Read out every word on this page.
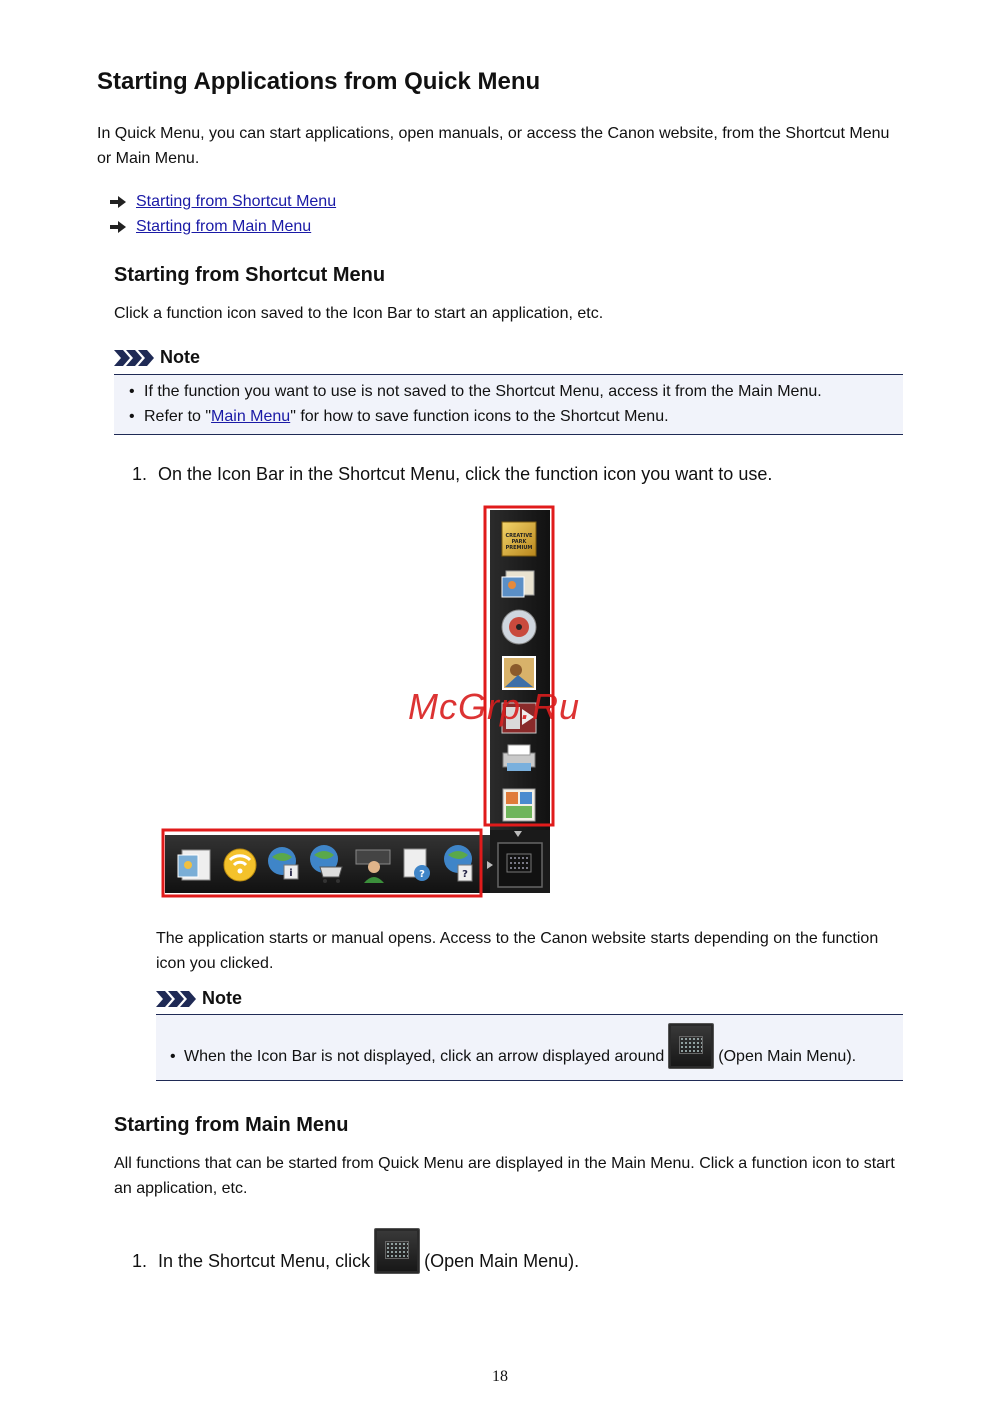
Starting Applications from Quick Menu
In Quick Menu, you can start applications, open manuals, or access the Canon website, from the Shortcut Menu or Main Menu.
Starting from Shortcut Menu
Starting from Main Menu
Starting from Shortcut Menu
Click a function icon saved to the Icon Bar to start an application, etc.
Note
• If the function you want to use is not saved to the Shortcut Menu, access it from the Main Menu.
• Refer to "Main Menu" for how to save function icons to the Shortcut Menu.
1. On the Icon Bar in the Shortcut Menu, click the function icon you want to use.
CREATIVE
PARK
PREMIUM
i	?	?
McGrp.Ru
The application starts or manual opens. Access to the Canon website starts depending on the function icon you clicked.
Note
• When the Icon Bar is not displayed, click an arrow displayed around	(Open Main Menu).
Starting from Main Menu
All functions that can be started from Quick Menu are displayed in the Main Menu. Click a function icon to start an application, etc.
1. In the Shortcut Menu, click	(Open Main Menu).
18
